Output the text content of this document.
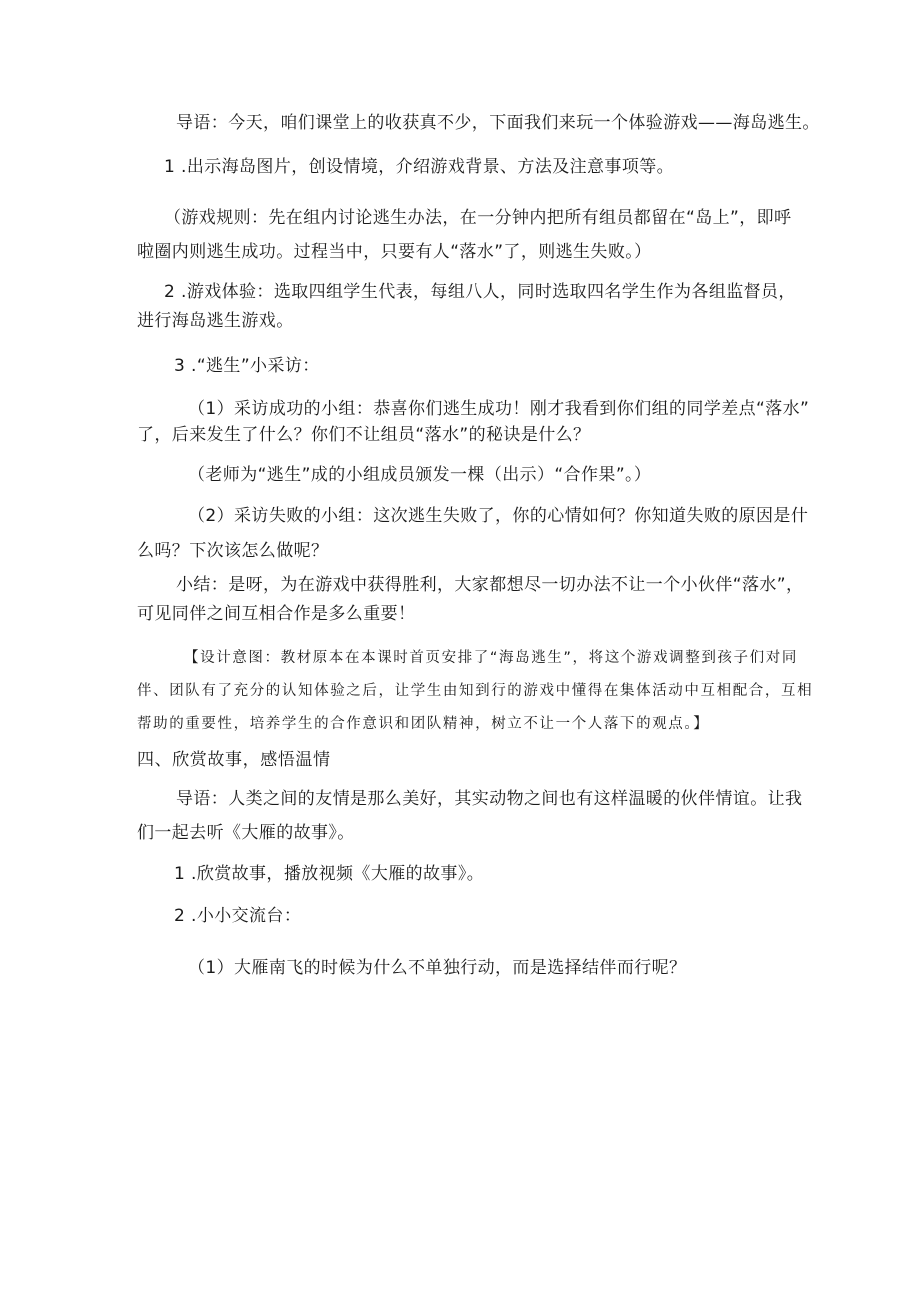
导语：今天，咱们课堂上的收获真不少，下面我们来玩一个体验游戏——海岛逃生。
1 .出示海岛图片，创设情境，介绍游戏背景、方法及注意事项等。
（游戏规则：先在组内讨论逃生办法，在一分钟内把所有组员都留在“岛上”，即呼
啦圈内则逃生成功。过程当中，只要有人“落水”了，则逃生失败。）
2 .游戏体验：选取四组学生代表，每组八人，同时选取四名学生作为各组监督员，
进行海岛逃生游戏。
3 .“逃生”小采访：
（1）采访成功的小组：恭喜你们逃生成功！刚才我看到你们组的同学差点“落水”
了，后来发生了什么？你们不让组员“落水”的秘诀是什么？
（老师为“逃生”成的小组成员颁发一棵（出示）“合作果”。）
（2）采访失败的小组：这次逃生失败了，你的心情如何？你知道失败的原因是什
么吗？下次该怎么做呢？
小结：是呀，为在游戏中获得胜利，大家都想尽一切办法不让一个小伙伴“落水”，
可见同伴之间互相合作是多么重要！
【设计意图：教材原本在本课时首页安排了“海岛逃生”，将这个游戏调整到孩子们对同
伴、团队有了充分的认知体验之后，让学生由知到行的游戏中懂得在集体活动中互相配合，互相
帮助的重要性，培养学生的合作意识和团队精神，树立不让一个人落下的观点。】
四、欣赏故事，感悟温情
导语：人类之间的友情是那么美好，其实动物之间也有这样温暖的伙伴情谊。让我
们一起去听《大雁的故事》。
1 .欣赏故事，播放视频《大雁的故事》。
2 .小小交流台：
（1）大雁南飞的时候为什么不单独行动，而是选择结伴而行呢？
